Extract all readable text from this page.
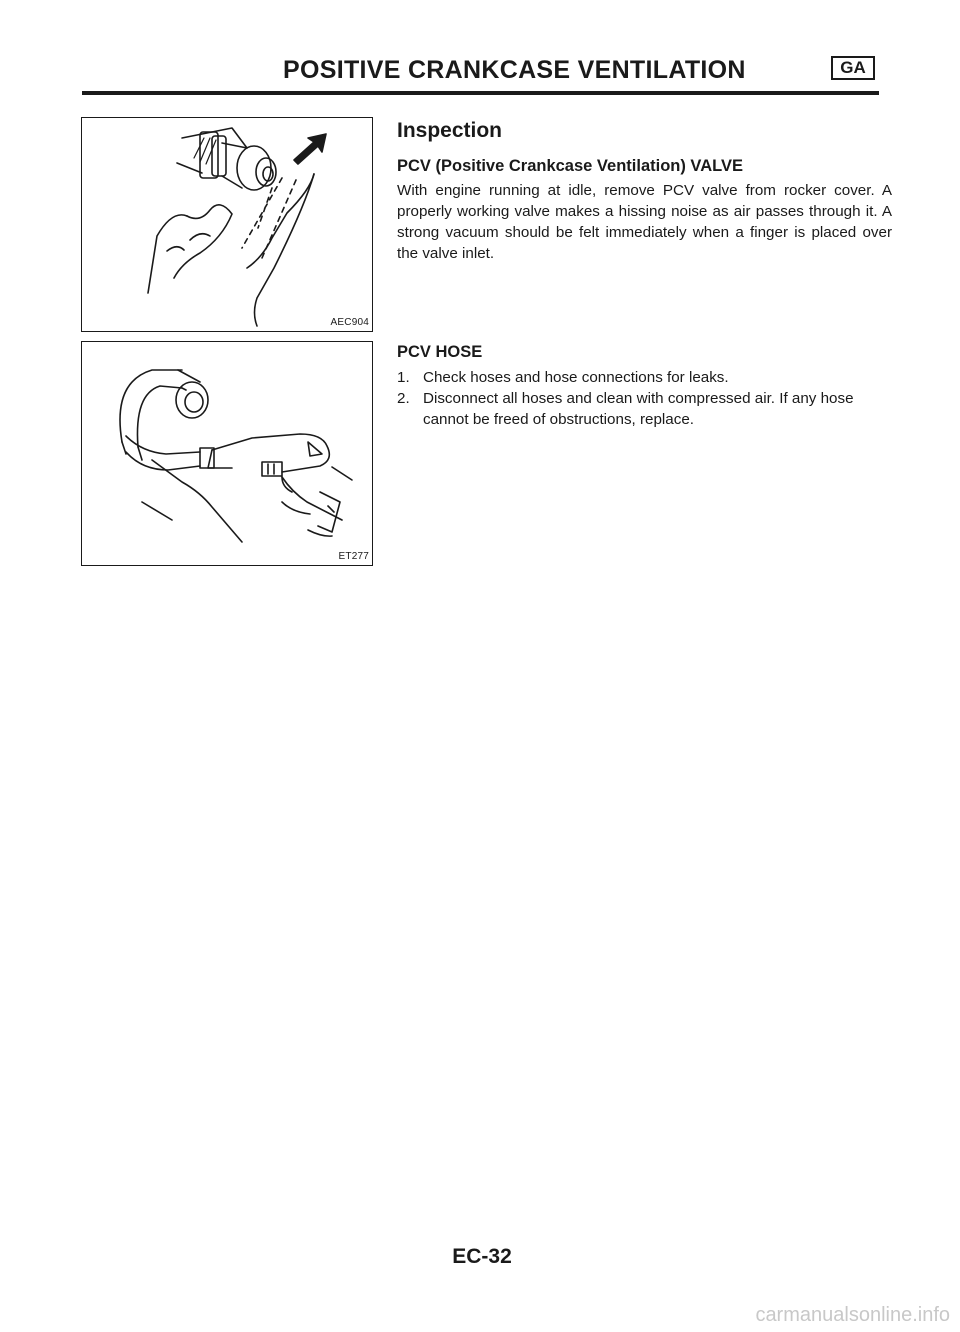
POSITIVE CRANKCASE VENTILATION	GA
AEC904
ET277
Inspection
PCV (Positive Crankcase Ventilation) VALVE
With engine running at idle, remove PCV valve from rocker cover. A properly working valve makes a hissing noise as air passes through it. A strong vacuum should be felt immediately when a finger is placed over the valve inlet.
PCV HOSE
1. Check hoses and hose connections for leaks.
2. Disconnect all hoses and clean with compressed air. If any hose cannot be freed of obstructions, replace.
EC-32
carmanualsonline.info
